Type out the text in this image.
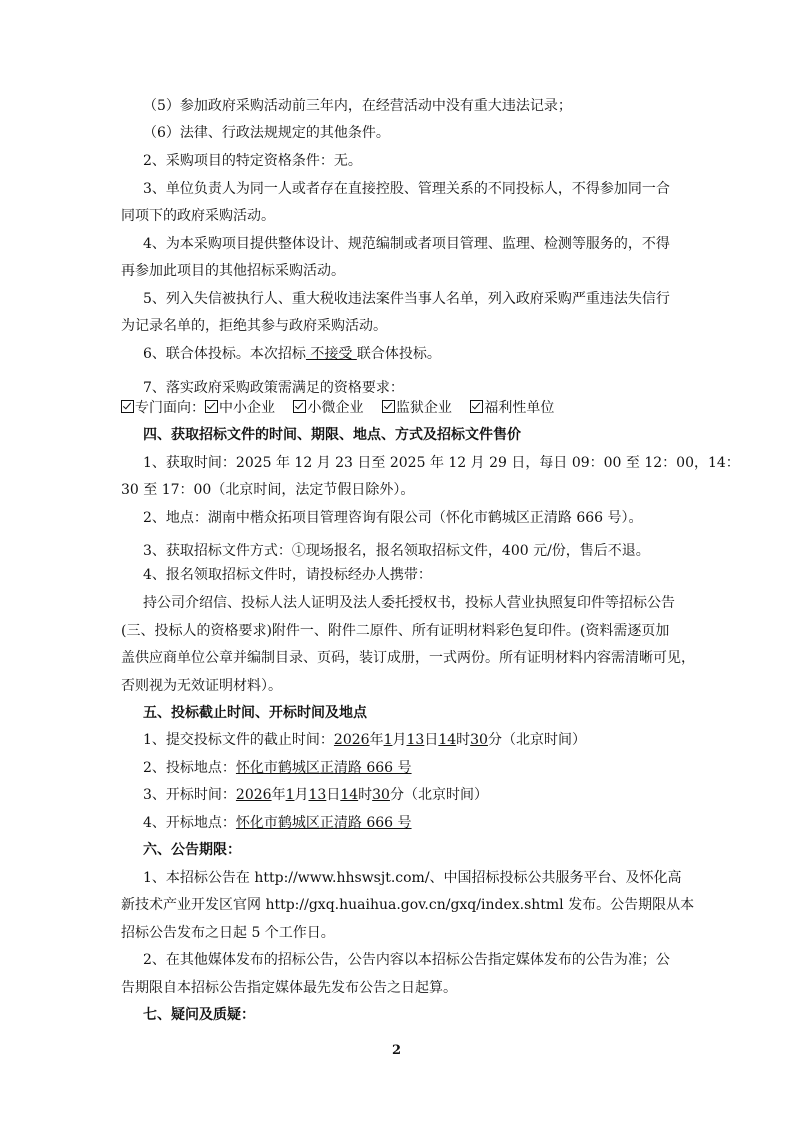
（5）参加政府采购活动前三年内，在经营活动中没有重大违法记录；
（6）法律、行政法规规定的其他条件。
2、采购项目的特定资格条件：无。
3、单位负责人为同一人或者存在直接控股、管理关系的不同投标人，不得参加同一合
同项下的政府采购活动。
4、为本采购项目提供整体设计、规范编制或者项目管理、监理、检测等服务的，不得
再参加此项目的其他招标采购活动。
5、列入失信被执行人、重大税收违法案件当事人名单，列入政府采购严重违法失信行
为记录名单的，拒绝其参与政府采购活动。
6、联合体投标。本次招标 不接受 联合体投标。
7、落实政府采购政策需满足的资格要求：
专门面向： 中小企业 小微企业 监狱企业 福利性单位
四、获取招标文件的时间、期限、地点、方式及招标文件售价
1、获取时间：2025 年 12 月 23 日至 2025 年 12 月 29 日，每日 09：00 至 12：00，14：
30 至 17：00（北京时间，法定节假日除外）。
2、地点：湖南中楷众拓项目管理咨询有限公司（怀化市鹤城区正清路 666 号）。
3、获取招标文件方式：①现场报名，报名领取招标文件，400 元/份，售后不退。
4、报名领取招标文件时，请投标经办人携带：
持公司介绍信、投标人法人证明及法人委托授权书，投标人营业执照复印件等招标公告
(三、投标人的资格要求)附件一、附件二原件、所有证明材料彩色复印件。(资料需逐页加
盖供应商单位公章并编制目录、页码，装订成册，一式两份。所有证明材料内容需清晰可见，
否则视为无效证明材料）。
五、投标截止时间、开标时间及地点
1、提交投标文件的截止时间：2026年1月13日14时30分（北京时间）
2、投标地点：怀化市鹤城区正清路 666 号
3、开标时间：2026年1月13日14时30分（北京时间）
4、开标地点：怀化市鹤城区正清路 666 号
六、公告期限：
1、本招标公告在 http://www.hhswsjt.com/、中国招标投标公共服务平台、及怀化高
新技术产业开发区官网 http://gxq.huaihua.gov.cn/gxq/index.shtml 发布。公告期限从本
招标公告发布之日起 5 个工作日。
2、在其他媒体发布的招标公告，公告内容以本招标公告指定媒体发布的公告为准；公
告期限自本招标公告指定媒体最先发布公告之日起算。
七、疑问及质疑：
2
